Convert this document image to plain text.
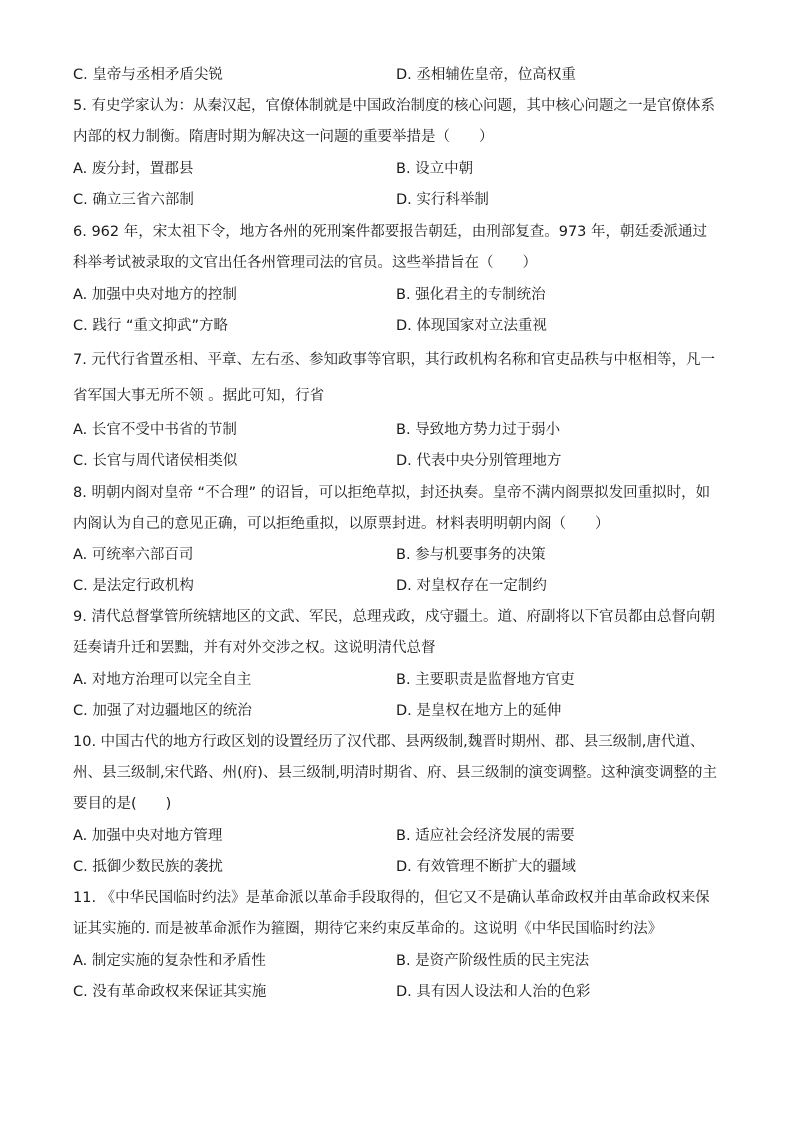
C. 皇帝与丞相矛盾尖锐	D. 丞相辅佐皇帝，位高权重

5. 有史学家认为：从秦汉起，官僚体制就是中国政治制度的核心问题，其中核心问题之一是官僚体系内部的权力制衡。隋唐时期为解决这一问题的重要举措是（　　）

A. 废分封，置郡县	B. 设立中朝
C. 确立三省六部制	D. 实行科举制

6. 962 年，宋太祖下令，地方各州的死刑案件都要报告朝廷，由刑部复查。973 年，朝廷委派通过科举考试被录取的文官出任各州管理司法的官员。这些举措旨在（　　）

A. 加强中央对地方的控制	B. 强化君主的专制统治
C. 践行 “重文抑武”方略	D. 体现国家对立法重视

7. 元代行省置丞相、平章、左右丞、参知政事等官职，其行政机构名称和官吏品秩与中枢相等，凡一省军国大事无所不领 。据此可知，行省

A. 长官不受中书省的节制	B. 导致地方势力过于弱小
C. 长官与周代诸侯相类似	D. 代表中央分别管理地方

8. 明朝内阁对皇帝 “不合理” 的诏旨，可以拒绝草拟，封还执奏。皇帝不满内阁票拟发回重拟时，如内阁认为自己的意见正确，可以拒绝重拟，以原票封进。材料表明明朝内阁（　　）

A. 可统率六部百司	B. 参与机要事务的决策
C. 是法定行政机构	D. 对皇权存在一定制约

9. 清代总督掌管所统辖地区的文武、军民，总理戎政，戍守疆土。道、府副将以下官员都由总督向朝廷奏请升迁和罢黜，并有对外交涉之权。这说明清代总督

A. 对地方治理可以完全自主	B. 主要职责是监督地方官吏
C. 加强了对边疆地区的统治	D. 是皇权在地方上的延伸

10. 中国古代的地方行政区划的设置经历了汉代郡、县两级制,魏晋时期州、郡、县三级制,唐代道、州、县三级制,宋代路、州(府)、县三级制,明清时期省、府、县三级制的演变调整。这种演变调整的主要目的是(　　)

A. 加强中央对地方管理	B. 适应社会经济发展的需要
C. 抵御少数民族的袭扰	D. 有效管理不断扩大的疆域

11. 《中华民国临时约法》是革命派以革命手段取得的，但它又不是确认革命政权并由革命政权来保证其实施的. 而是被革命派作为箍圈，期待它来约束反革命的。这说明《中华民国临时约法》

A. 制定实施的复杂性和矛盾性	B. 是资产阶级性质的民主宪法
C. 没有革命政权来保证其实施	D. 具有因人设法和人治的色彩
